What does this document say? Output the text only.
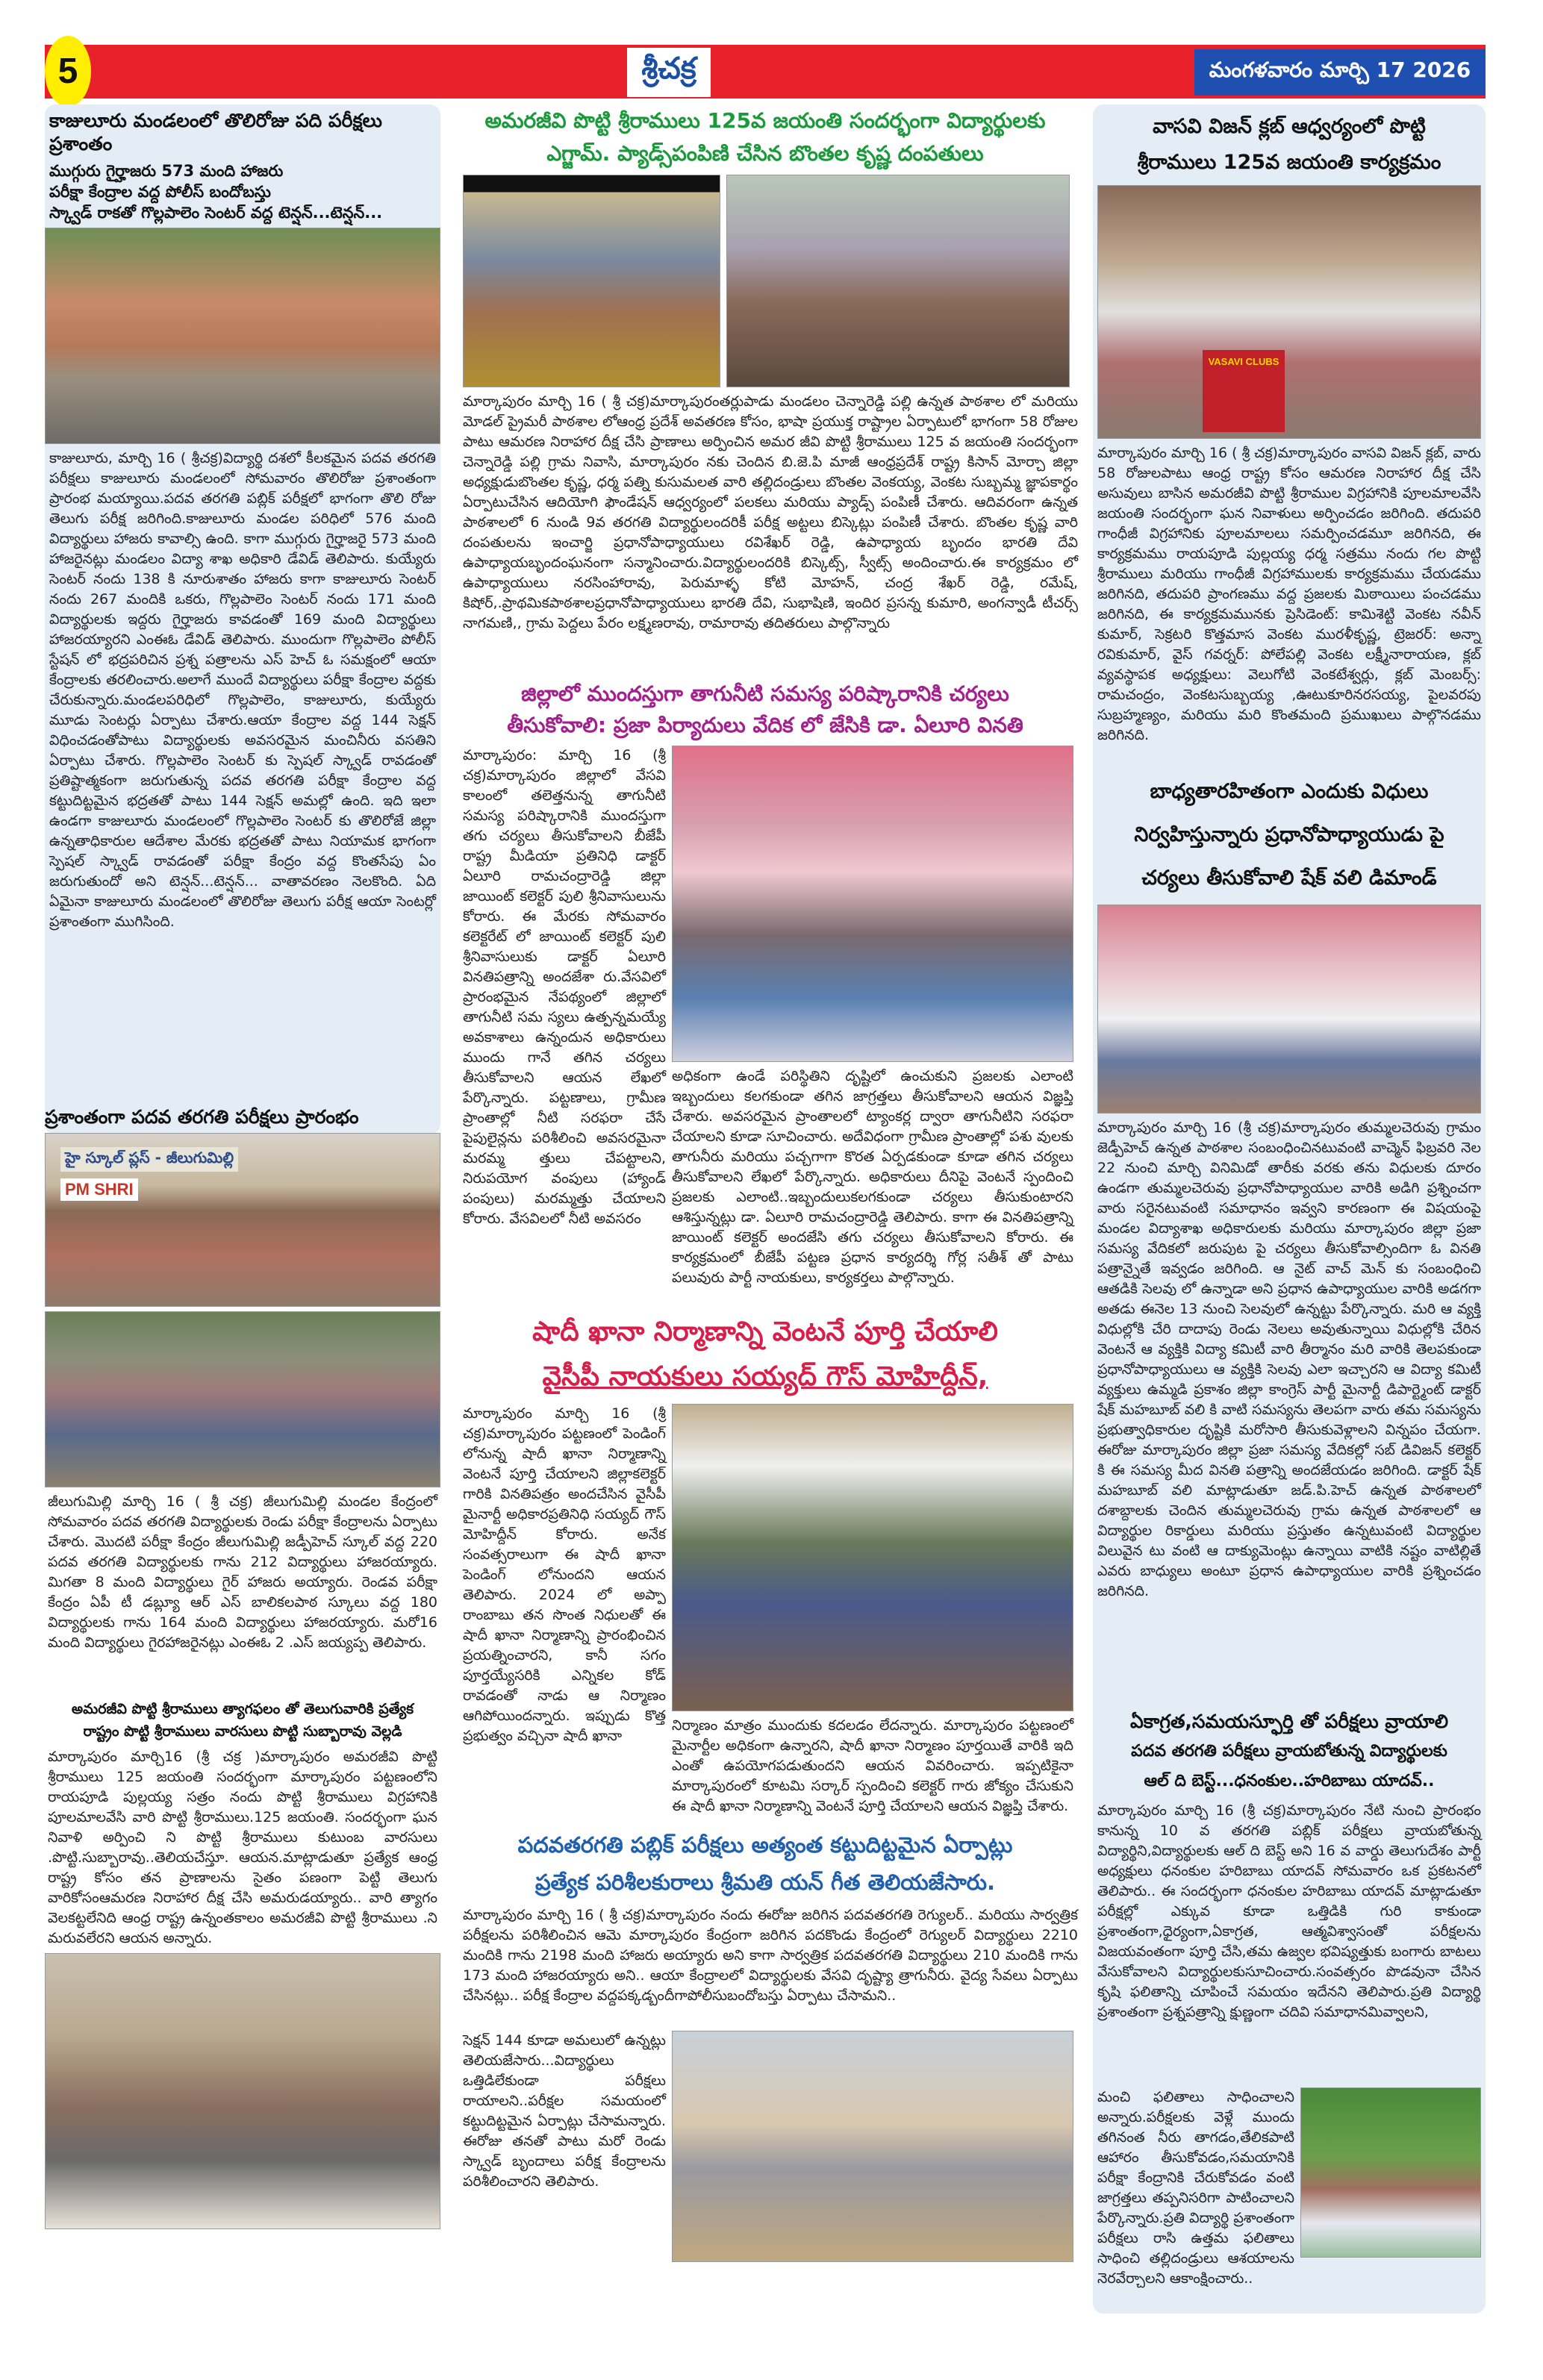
5	శ్రీచక్ర	మంగళవారం మార్చి 17 2026
కాజులూరు మండలంలో తొలిరోజు పది పరీక్షలు ప్రశాంతం
ముగ్గురు గైర్హాజరు 573 మంది హాజరు
పరీక్షా కేంద్రాల వద్ద పోలీస్ బందోబస్తు
స్క్వాడ్ రాకతో గొల్లపాలెం సెంటర్ వద్ద టెన్షన్...టెన్షన్...
కాజులూరు, మార్చి 16 ( శ్రీచక్ర)విద్యార్థి దశలో కీలకమైన పదవ తరగతి పరీక్షలు కాజులూరు మండలంలో సోమవారం తొలిరోజు ప్రశాంతంగా ప్రారంభ మయ్యాయి.పదవ తరగతి పబ్లిక్ పరీక్షలో భాగంగా తొలి రోజు తెలుగు పరీక్ష జరిగింది.కాజులూరు మండల పరిధిలో 576 మంది విద్యార్థులు హాజరు కావాల్సి ఉంది. కాగా ముగ్గురు గైర్హాజరై 573 మంది హాజరైనట్లు మండలం విద్యా శాఖ అధికారి డేవిడ్ తెలిపారు. కుయ్యేరు సెంటర్ నందు 138 కి నూరుశాతం హాజరు కాగా కాజులూరు సెంటర్ నందు 267 మందికి ఒకరు, గొల్లపాలెం సెంటర్ నందు 171 మంది విద్యార్థులకు ఇద్దరు గైర్హాజరు కావడంతో 169 మంది విద్యార్థులు హాజరయ్యారని ఎంఈఓ డేవిడ్ తెలిపారు. ముందుగా గొల్లపాలెం పోలీస్ స్టేషన్ లో భద్రపరిచిన ప్రశ్న పత్రాలను ఎస్ హెచ్ ఓ సమక్షంలో ఆయా కేంద్రాలకు తరలించారు.అలాగే ముందే విద్యార్థులు పరీక్షా కేంద్రాల వద్దకు చేరుకున్నారు.మండలపరిధిలో గొల్లపాలెం, కాజులూరు, కుయ్యేరు మూడు సెంటర్లు ఏర్పాటు చేశారు.ఆయా కేంద్రాల వద్ద 144 సెక్షన్ విధించడంతోపాటు విద్యార్థులకు అవసరమైన మంచినీరు వసతిని ఏర్పాటు చేశారు. గొల్లపాలెం సెంటర్ కు స్పెషల్ స్క్వాడ్ రావడంతో ప్రతిష్టాత్మకంగా జరుగుతున్న పదవ తరగతి పరీక్షా కేంద్రాల వద్ద కట్టుదిట్టమైన భద్రతతో పాటు 144 సెక్షన్ అమల్లో ఉంది. ఇది ఇలా ఉండగా కాజులూరు మండలంలో గొల్లపాలెం సెంటర్ కు తొలిరోజే జిల్లా ఉన్నతాధికారుల ఆదేశాల మేరకు భద్రతతో పాటు నియామక భాగంగా స్పెషల్ స్క్వాడ్ రావడంతో పరీక్షా కేంద్రం వద్ద కొంతసేపు ఏం జరుగుతుందో అని టెన్షన్...టెన్షన్... వాతావరణం నెలకొంది. ఏది ఏమైనా కాజులూరు మండలంలో తొలిరోజు తెలుగు పరీక్ష ఆయా సెంటర్లో ప్రశాంతంగా ముగిసింది.
ప్రశాంతంగా పదవ తరగతి పరీక్షలు ప్రారంభం
హై స్కూల్ ప్లస్ - జీలుగుమిల్లి
PM SHRI
జీలుగుమిల్లి మార్చి 16 ( శ్రీ చక్ర) జీలుగుమిల్లి మండల కేంద్రంలో సోమవారం పదవ తరగతి విద్యార్థులకు రెండు పరీక్షా కేంద్రాలను ఏర్పాటు చేశారు. మొదటి పరీక్షా కేంద్రం జీలుగుమిల్లి జడ్పీహెచ్ స్కూల్ వద్ద 220 పదవ తరగతి విద్యార్థులకు గాను 212 విద్యార్థులు హాజరయ్యారు. మిగతా 8 మంది విద్యార్థులు గైర్ హాజరు అయ్యారు. రెండవ పరీక్షా కేంద్రం ఏపీ టీ డబ్ల్యూ ఆర్ ఎస్ బాలికలపాఠ స్కూలు వద్ద 180 విద్యార్థులకు గాను 164 మంది విద్యార్థులు హాజరయ్యారు. మరో16 మంది విద్యార్థులు గైరహాజరైనట్లు ఎంఈఓ 2 .ఎస్ జయ్యప్ప తెలిపారు.
అమరజీవి పొట్టి శ్రీరాములు త్యాగఫలం తో తెలుగువారికి ప్రత్యేక
రాష్ట్రం పొట్టి శ్రీరాములు వారసులు పొట్టి సుబ్బారావు వెల్లడి
మార్కాపురం మార్చి16 (శ్రీ చక్ర )మార్కాపురం అమరజీవి పొట్టి శ్రీరాములు 125 జయంతి సందర్భంగా మార్కాపురం పట్టణంలోని రాయపూడి పుల్లయ్య సత్రం నందు పొట్టి శ్రీరాములు విగ్రహానికి పూలమాలవేసి వారి పొట్టి శ్రీరాములు.125 జయంతి. సందర్భంగా ఘన నివాళి అర్పించి ని పొట్టి శ్రీరాములు కుటుంబ వారసులు .పొట్టి.సుబ్బారావు..తెలియచేస్తూ. ఆయన.మాట్లాడుతూ ప్రత్యేక ఆంధ్ర రాష్ట్ర కోసం తన ప్రాణాలను సైతం పణంగా పెట్టి తెలుగు వారికోసంఆమరణ నిరాహార దీక్ష చేసి అమరుడయ్యారు.. వారి త్యాగం వెలకట్టలేనిది ఆంధ్ర రాష్ట్ర ఉన్నంతకాలం అమరజీవి పొట్టి శ్రీరాములు .ని మరువలేరని ఆయన అన్నారు.
అమరజీవి పొట్టి శ్రీరాములు 125వ జయంతి సందర్భంగా విద్యార్థులకు
ఎగ్జామ్. ప్యాడ్స్‌పంపిణి చేసిన బొంతల కృష్ణ దంపతులు
మార్కాపురం మార్చి 16 ( శ్రీ చక్ర)మార్కాపురంతర్లుపాడు మండలం చెన్నారెడ్డి పల్లి ఉన్నత పాఠశాల లో మరియు మోడల్ ప్రైమరీ పాఠశాల లోఆంధ్ర ప్రదేశ్ అవతరణ కోసం, భాషా ప్రయుక్త రాష్ట్రాల ఏర్పాటులో భాగంగా 58 రోజుల పాటు ఆమరణ నిరాహార దీక్ష చేసి ప్రాణాలు అర్పించిన అమర జీవి పొట్టి శ్రీరాములు 125 వ జయంతి సందర్భంగా చెన్నారెడ్డి పల్లి గ్రామ నివాసి, మార్కాపురం నకు చెందిన బి.జె.పి మాజీ ఆంధ్రప్రదేశ్ రాష్ట్ర కిసాన్ మోర్చా జిల్లా అధ్యక్షుడుబొంతల కృష్ణ, ధర్మ పత్ని కుసుమలత వారి తల్లిదండ్రులు బొంతల వెంకయ్య, వెంకట సుబ్బమ్మ జ్ఞాపకార్థం ఏర్పాటుచేసిన ఆదియోగి ఫౌండేషన్ ఆధ్వర్యంలో పలకలు మరియు ప్యాడ్స్ పంపిణీ చేశారు. ఆదివరంగా ఉన్నత పాఠశాలలో 6 నుండి 9వ తరగతి విద్యార్థులందరికీ పరీక్ష అట్టలు బిస్కెట్లు పంపిణీ చేశారు. బొంతల కృష్ణ వారి దంపతులను ఇంచార్జి ప్రధానోపాధ్యాయులు రవిశేఖర్ రెడ్డి, ఉపాధ్యాయ బృందం భారతి దేవి ఉపాధ్యాయబృందంఘనంగా సన్మానించారు.విద్యార్థులందరికి బిస్కెట్స్, స్వీట్స్ అందించారు.ఈ కార్యక్రమం లో ఉపాధ్యాయులు నరసింహారావు, పెరుమాళ్ళ కోటి మోహన్, చంద్ర శేఖర్ రెడ్డి, రమేష్, కిషోర్,.ప్రాథమికపాఠశాలప్రధానోపాధ్యాయులు భారతి దేవి, సుభాషిణి, ఇందిర ప్రసన్న కుమారి, అంగన్వాడీ టీచర్స్ నాగమణి,, గ్రామ పెద్దలు పేరం లక్ష్మణరావు, రామారావు తదితరులు పాల్గొన్నారు
జిల్లాలో ముందస్తుగా తాగునీటి సమస్య పరిష్కారానికి చర్యలు
తీసుకోవాలి: ప్రజా పిర్యాదులు వేదిక లో జేసికి డా. ఏలూరి వినతి
మార్కాపురం: మార్చి 16 (శ్రీ చక్ర)మార్కాపురం జిల్లాలో వేసవి కాలంలో తలెత్తనున్న తాగునీటి సమస్య పరిష్కారానికి ముందస్తుగా తగు చర్యలు తీసుకోవాలని బీజేపీ రాష్ట్ర మీడియా ప్రతినిధి డాక్టర్ ఏలూరి రామచంద్రారెడ్డి జిల్లా జాయింట్ కలెక్టర్ పులి శ్రీనివాసులును కోరారు. ఈ మేరకు సోమవారం కలెక్టరేట్ లో జాయింట్ కలెక్టర్ పులి శ్రీనివాసులుకు డాక్టర్ ఏలూరి వినతిపత్రాన్ని అందజేశా రు.వేసవిలో ప్రారంభమైన నేపథ్యంలో జిల్లాలో తాగునీటి సమ స్యలు ఉత్పన్నమయ్యే అవకాశాలు ఉన్నందున అధికారులు ముందు గానే తగిన చర్యలు తీసుకోవాలని ఆయన లేఖలో పేర్కొన్నారు. పట్టణాలు, గ్రామీణ ప్రాంతాల్లో నీటి సరఫరా చేసే పైపులైన్లను పరిశీలించి అవసరమైనా మరమ్మ త్తులు చేపట్టాలని, నిరుపయోగ వంపులు (హ్యాండ్ పంపులు) మరమ్మత్తు చేయాలని కోరారు. వేసవిలలో నీటి అవసరం
అధికంగా ఉండే పరిస్థితిని దృష్టిలో ఉంచుకుని ప్రజలకు ఎలాంటి ఇబ్బందులు కలగకుండా తగిన జాగ్రత్తలు తీసుకోవాలని ఆయన విజ్ఞప్తి చేశారు. అవసరమైన ప్రాంతాలలో ట్యాంకర్ల ద్వారా తాగునీటిని సరఫరా చేయాలని కూడా సూచించారు. అదేవిధంగా గ్రామీణ ప్రాంతాల్లో పశు వులకు తాగునీరు మరియు పచ్చగాగా కొరత ఏర్పడకుండా కూడా తగిన చర్యలు తీసుకోవాలని లేఖలో పేర్కొన్నారు. అధికారులు దీనిపై వెంటనే స్పందించి ప్రజలకు ఎలాంటి..ఇబ్బందులుకలగకుండా చర్యలు తీసుకుంటారని ఆశిస్తున్నట్లు డా. ఏలూరి రామచంద్రారెడ్డి తెలిపారు. కాగా ఈ వినతిపత్రాన్ని జాయింట్ కలెక్టర్ అందజేసి తగు చర్యలు తీసుకోవాలని కోరారు. ఈ కార్యక్రమంలో బీజేపీ పట్టణ ప్రధాన కార్యదర్శి గోర్ల సతీశ్ తో పాటు పలువురు పార్టీ నాయకులు, కార్యకర్తలు పాల్గొన్నారు.
షాదీ ఖానా నిర్మాణాన్ని వెంటనే పూర్తి చేయాలి
వైసీపీ నాయకులు సయ్యద్ గౌస్ మోహిద్దీన్,
మార్కాపురం మార్చి 16 (శ్రీ చక్ర)మార్కాపురం పట్టణంలో పెండింగ్ లోనున్న షాదీ ఖానా నిర్మాణాన్ని వెంటనే పూర్తి చేయాలని జిల్లాకలెక్టర్ గారికి వినతిపత్రం అందచేసిన వైసీపీ మైనార్టీ అధికారప్రతినిధి సయ్యద్ గౌస్ మోహిద్దీన్ కోరారు. అనేక సంవత్సరాలుగా ఈ షాదీ ఖానా పెండింగ్ లోనుందని ఆయన తెలిపారు. 2024 లో అప్పా రాంబాబు తన సొంత నిధులతో ఈ షాదీ ఖానా నిర్మాణాన్ని ప్రారంభించిన ప్రయత్నించారని, కానీ సగం పూర్తయ్యేసరికి ఎన్నికల కోడ్ రావడంతో నాడు ఆ నిర్మాణం ఆగిపోయిందన్నారు. ఇప్పుడు కొత్త ప్రభుత్వం వచ్చినా షాదీ ఖానా
నిర్మాణం మాత్రం ముందుకు కదలడం లేదన్నారు. మార్కాపురం పట్టణంలో మైనార్టీల అధికంగా ఉన్నారని, షాదీ ఖానా నిర్మాణం పూర్తయితే వారికి ఇది ఎంతో ఉపయోగపడుతుందని ఆయన వివరించారు. ఇప్పటికైనా మార్కాపురంలో కూటమి సర్కార్ స్పందించి కలెక్టర్ గారు జోక్యం చేసుకుని ఈ షాదీ ఖానా నిర్మాణాన్ని వెంటనే పూర్తి చేయాలని ఆయన విజ్ఞప్తి చేశారు.
పదవతరగతి పబ్లిక్ పరీక్షలు అత్యంత కట్టుదిట్టమైన ఏర్పాట్లు
ప్రత్యేక పరిశీలకురాలు శ్రీమతి యన్ గీత తెలియజేసారు.
మార్కాపురం మార్చి 16 ( శ్రీ చక్ర)మార్కాపురం నందు ఈరోజు జరిగిన పదవతరగతి రెగ్యులర్.. మరియు సార్వత్రిక పరీక్షలను పరిశీలించిన ఆమె మార్కాపురం కేంద్రంగా జరిగిన పదకొండు కేంద్రంలో రెగ్యులర్ విద్యార్థులు 2210 మందికి గాను 2198 మంది హాజరు అయ్యారు అని కాగా సార్వత్రిక పదవతరగతి విద్యార్థులు 210 మందికి గాను 173 మంది హాజరయ్యారు అని.. ఆయా కేంద్రాలలో విద్యార్థులకు వేసవి దృష్ట్యా త్రాగునీరు. వైద్య సేవలు ఏర్పాటు చేసినట్లు.. పరీక్ష కేంద్రాల వద్దపక్కడ్బందీగాపోలీసుబందోబస్తు ఏర్పాటు చేసామని..
సెక్షన్ 144 కూడా అమలులో ఉన్నట్లు తెలియజేసారు...విద్యార్థులు ఒత్తిడిలేకుండా పరీక్షలు రాయాలని..పరీక్షల సమయంలో కట్టుదిట్టమైన ఏర్పాట్లు చేసామన్నారు. ఈరోజు తనతో పాటు మరో రెండు స్క్వాడ్ బృందాలు పరీక్ష కేంద్రాలను పరిశీలించారని తెలిపారు.
వాసవి విజన్ క్లబ్ ఆధ్వర్యంలో పొట్టి
శ్రీరాములు 125వ జయంతి కార్యక్రమం
VASAVI CLUBS
మార్కాపురం మార్చి 16 ( శ్రీ చక్ర)మార్కాపురం వాసవి విజన్ క్లబ్, వారు 58 రోజులపాటు ఆంధ్ర రాష్ట్ర కోసం ఆమరణ నిరాహార దీక్ష చేసి అసువులు బాసిన అమరజీవి పొట్టి శ్రీరాముల విగ్రహానికి పూలమాలవేసి జయంతి సందర్భంగా ఘన నివాళులు అర్పించడం జరిగింది. తదుపరి గాంధీజీ విగ్రహానికు పూలమాలలు సమర్పించడమూ జరిగినది, ఈ కార్యక్రమము రాయపూడి పుల్లయ్య ధర్మ సత్రము నందు గల పొట్టి శ్రీరాములు మరియు గాంధీజీ విగ్రహాములకు కార్యక్రమము చేయడము జరిగినది, తదుపరి ప్రాంగణము వద్ద ప్రజలకు మిఠాయిలు పంచడము జరిగినది, ఈ కార్యక్రమమునకు ప్రెసిడెంట్: కామిశెట్టి వెంకట నవీన్ కుమార్, సెక్రటరి కొత్తమాస వెంకట మురళీకృష్ణ, ట్రెజరర్: అన్నా రవికుమార్, వైస్ గవర్నర్: పోలేపల్లి వెంకట లక్ష్మీనారాయణ, క్లబ్ వ్యవస్థాపక అధ్యక్షులు: వెలుగోటి వెంకటేశ్వర్లు, క్లబ్ మెంబర్స్: రామచంద్రం, వెంకటసుబ్బయ్య ,ఊటుకూరినరసయ్య, పైలవరపు సుబ్రహ్మణ్యం, మరియు మరి కొంతమంది ప్రముఖులు పాల్గొనడము జరిగినది.
బాధ్యతారహితంగా ఎందుకు విధులు
నిర్వహిస్తున్నారు ప్రధానోపాధ్యాయుడు పై
చర్యలు తీసుకోవాలి షేక్ వలి డిమాండ్
మార్కాపురం మార్చి 16 (శ్రీ చక్ర)మార్కాపురం తుమ్మలచెరువు గ్రామం జెడ్పీహెచ్ ఉన్నత పాఠశాల సంబంధించినటువంటి వాచ్మెన్ ఫిబ్రవరి నెల 22 నుంచి మార్చి వినిమిడో తారీకు వరకు తను విధులకు దూరం ఉండగా తుమ్మలచెరువు ప్రధానోపాధ్యాయుల వారికి అడిగి ప్రశ్నించగా వారు సరైనటువంటి సమాధానం ఇవ్వని కారణంగా ఈ విషయంపై మండల విద్యాశాఖ అధికారులకు మరియు మార్కాపురం జిల్లా ప్రజా సమస్య వేదికలో జరుపుట పై చర్యలు తీసుకోవాల్సిందిగా ఓ వినతి పత్రాన్నైతే ఇవ్వడం జరిగింది. ఆ నైట్ వాచ్ మెన్ కు సంబంధించి ఆతడికి సెలవు లో ఉన్నాడా అని ప్రధాన ఉపాధ్యాయుల వారికి అడగగా అతడు ఈనెల 13 నుంచి సెలవులో ఉన్నట్టు పేర్కొన్నారు. మరి ఆ వ్యక్తి విధుల్లోకి చేరి దాదాపు రెండు నెలలు అవుతున్నాయి విధుల్లోకి చేరిన వెంటనే ఆ వ్యక్తికి విద్యా కమిటీ వారి తీర్మానం మరి వారికి తెలపకుండా ప్రధానోపాధ్యాయులు ఆ వ్యక్తికి సెలవు ఎలా ఇచ్చారని ఆ విద్యా కమిటీ వ్యక్తులు ఉమ్మడి ప్రకాశం జిల్లా కాంగ్రెస్ పార్టీ మైనార్టీ డిపార్ట్మెంట్ డాక్టర్ షేక్ మహబూబ్ వలి కి వాటి సమస్యను తెలపగా వారు తమ సమస్యను ప్రభుత్వాధికారుల దృష్టికి మరోసారి తీసుకువెళ్లాలని విన్నపం చేయగా. ఈరోజు మార్కాపురం జిల్లా ప్రజా సమస్య వేదికల్లో సబ్ డివిజన్ కలెక్టర్ కి ఈ సమస్య మీద వినతి పత్రాన్ని అందజేయడం జరిగింది. డాక్టర్ షేక్ మహబూబ్ వలి మాట్లాడుతూ జడ్.పి.హెచ్ ఉన్నత పాఠశాలలో దశాబ్దాలకు చెందిన తుమ్మలచెరువు గ్రామ ఉన్నత పాఠశాలలో ఆ విద్యార్థుల రికార్డులు మరియు ప్రస్తుతం ఉన్నటువంటి విద్యార్థుల విలువైన టు వంటి ఆ దాక్యుమెంట్లు ఉన్నాయి వాటికి నష్టం వాటిల్లితే ఎవరు బాధ్యులు అంటూ ప్రధాన ఉపాధ్యాయుల వారికి ప్రశ్నించడం జరిగినది.
ఏకాగ్రత,సమయస్ఫూర్తి తో పరీక్షలు వ్రాయాలి
పదవ తరగతి పరీక్షలు వ్రాయబోతున్న విద్యార్థులకు
ఆల్ ది బెస్ట్...ధనంకుల..హరిబాబు యాదవ్..
మార్కాపురం మార్చి 16 (శ్రీ చక్ర)మార్కాపురం నేటి నుంచి ప్రారంభం కానున్న 10 వ తరగతి పబ్లిక్ పరీక్షలు వ్రాయబోతున్న విద్యార్థిని,విద్యార్థులకు ఆల్ ది బెస్ట్ అని 16 వ వార్డు తెలుగుదేశం పార్టీ అధ్యక్షులు ధనంకుల హరిబాబు యాదవ్ సోమవారం ఒక ప్రకటనలో తెలిపారు.. ఈ సందర్భంగా ధనంకుల హరిబాబు యాదవ్ మాట్లాడుతూ పరీక్షల్లో ఎక్కువ కూడా ఒత్తిడికి గురి కాకుండా ప్రశాంతంగా,ధైర్యంగా,ఏకాగ్రత, ఆత్మవిశ్వాసంతో పరీక్షలను విజయవంతంగా పూర్తి చేసి,తమ ఉజ్వల భవిష్యత్తుకు బంగారు బాటలు వేసుకోవాలని విద్యార్థులకుసూచించారు.సంవత్సరం పొడవునా చేసిన కృషి ఫలితాన్ని చూపించే సమయం ఇదేనని తెలిపారు.ప్రతి విద్యార్థి ప్రశాంతంగా ప్రశ్నపత్రాన్ని క్షుణ్ణంగా చదివి సమాధానమివ్వాలని,
మంచి ఫలితాలు సాధించాలని అన్నారు.పరీక్షలకు వెళ్లే ముందు తగినంత నీరు తాగడం,తేలికపాటి ఆహారం తీసుకోవడం,సమయానికి పరీక్షా కేంద్రానికి చేరుకోవడం వంటి జాగ్రత్తలు తప్పనిసరిగా పాటించాలని పేర్కొన్నారు.ప్రతి విద్యార్థి ప్రశాంతంగా పరీక్షలు రాసి ఉత్తమ ఫలితాలు సాధించి తల్లిదండ్రులు ఆశయాలను నెరవేర్చాలని ఆకాంక్షించారు..
